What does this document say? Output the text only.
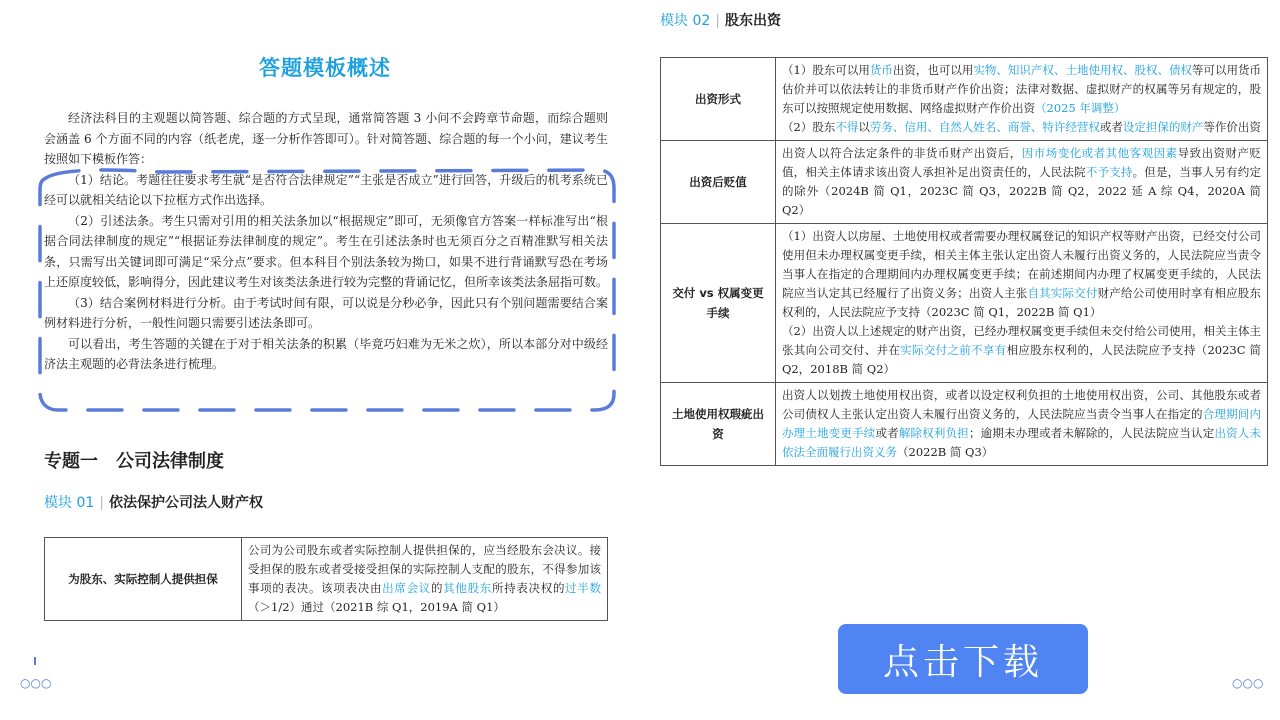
答题模板概述

经济法科目的主观题以简答题、综合题的方式呈现，通常简答题 3 小问不会跨章节命题，而综合题则会涵盖 6 个方面不同的内容（纸老虎，逐一分析作答即可）。针对简答题、综合题的每一个小问，建议考生按照如下模板作答：

（1）结论。考题往往要求考生就“是否符合法律规定”“主张是否成立”进行回答，升级后的机考系统已经可以就相关结论以下拉框方式作出选择。

（2）引述法条。考生只需对引用的相关法条加以“根据规定”即可，无须像官方答案一样标准写出“根据合同法律制度的规定”“根据证券法律制度的规定”。考生在引述法条时也无须百分之百精准默写相关法条，只需写出关键词即可满足“采分点”要求。但本科目个别法条较为拗口，如果不进行背诵默写恐在考场上还原度较低，影响得分，因此建议考生对该类法条进行较为完整的背诵记忆，但所幸该类法条屈指可数。

（3）结合案例材料进行分析。由于考试时间有限，可以说是分秒必争，因此只有个别问题需要结合案例材料进行分析，一般性问题只需要引述法条即可。

可以看出，考生答题的关键在于对于相关法条的积累（毕竟巧妇难为无米之炊），所以本部分对中级经济法主观题的必背法条进行梳理。

专题一　公司法律制度
模块 01 | 依法保护公司法人财产权
为股东、实际控制人提供担保	公司为公司股东或者实际控制人提供担保的，应当经股东会决议。接受担保的股东或者受接受担保的实际控制人支配的股东，不得参加该事项的表决。该项表决由出席会议的其他股东所持表决权的过半数（＞1/2）通过（2021B 综 Q1，2019A 简 Q1）
○○○
模块 02 | 股东出资
出资形式	（1）股东可以用货币出资，也可以用实物、知识产权、土地使用权、股权、债权等可以用货币估价并可以依法转让的非货币财产作价出资；法律对数据、虚拟财产的权属等另有规定的，股东可以按照规定使用数据、网络虚拟财产作价出资（2025 年调整）
（2）股东不得以劳务、信用、自然人姓名、商誉、特许经营权或者设定担保的财产等作价出资
出资后贬值	出资人以符合法定条件的非货币财产出资后，因市场变化或者其他客观因素导致出资财产贬值，相关主体请求该出资人承担补足出资责任的，人民法院不予支持。但是，当事人另有约定的除外（2024B 简 Q1，2023C 简 Q3，2022B 简 Q2，2022 延 A 综 Q4，2020A 简 Q2）
交付 vs 权属变更手续	（1）出资人以房屋、土地使用权或者需要办理权属登记的知识产权等财产出资，已经交付公司使用但未办理权属变更手续，相关主体主张认定出资人未履行出资义务的，人民法院应当责令当事人在指定的合理期间内办理权属变更手续；在前述期间内办理了权属变更手续的，人民法院应当认定其已经履行了出资义务；出资人主张自其实际交付财产给公司使用时享有相应股东权利的，人民法院应予支持（2023C 简 Q1，2022B 简 Q1）
（2）出资人以上述规定的财产出资，已经办理权属变更手续但未交付给公司使用，相关主体主张其向公司交付、并在实际交付之前不享有相应股东权利的，人民法院应予支持（2023C 简 Q2，2018B 简 Q2）
土地使用权瑕疵出资	出资人以划拨土地使用权出资，或者以设定权利负担的土地使用权出资，公司、其他股东或者公司债权人主张认定出资人未履行出资义务的，人民法院应当责令当事人在指定的合理期间内办理土地变更手续或者解除权利负担；逾期未办理或者未解除的，人民法院应当认定出资人未依法全面履行出资义务（2022B 简 Q3）
点击下载
○○○
